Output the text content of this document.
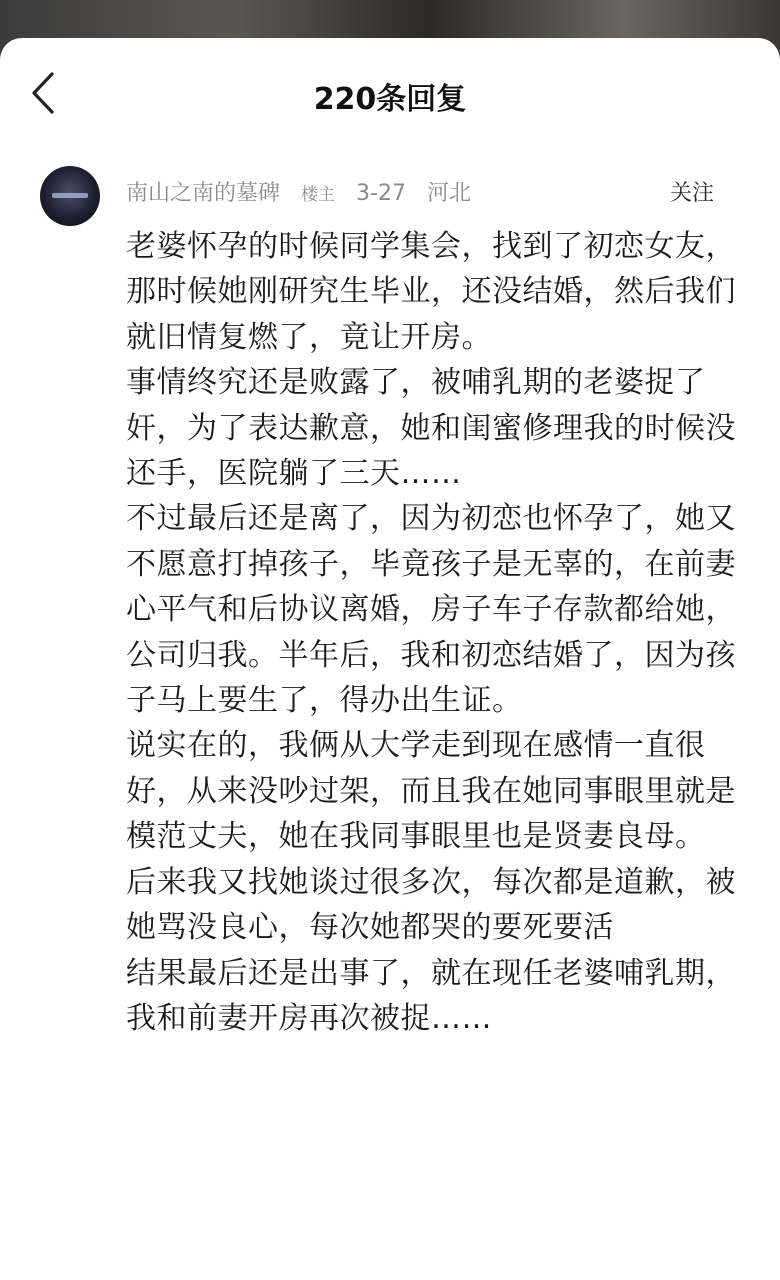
220条回复
南山之南的墓碑 楼主 3-27 河北	关注

老婆怀孕的时候同学集会，找到了初恋女友，那时候她刚研究生毕业，还没结婚，然后我们就旧情复燃了，竟让开房。

事情终究还是败露了，被哺乳期的老婆捉了奸，为了表达歉意，她和闺蜜修理我的时候没还手，医院躺了三天……

不过最后还是离了，因为初恋也怀孕了，她又不愿意打掉孩子，毕竟孩子是无辜的，在前妻心平气和后协议离婚，房子车子存款都给她，公司归我。半年后，我和初恋结婚了，因为孩子马上要生了，得办出生证。

说实在的，我俩从大学走到现在感情一直很好，从来没吵过架，而且我在她同事眼里就是模范丈夫，她在我同事眼里也是贤妻良母。

后来我又找她谈过很多次，每次都是道歉，被她骂没良心，每次她都哭的要死要活

结果最后还是出事了，就在现任老婆哺乳期，我和前妻开房再次被捉……
